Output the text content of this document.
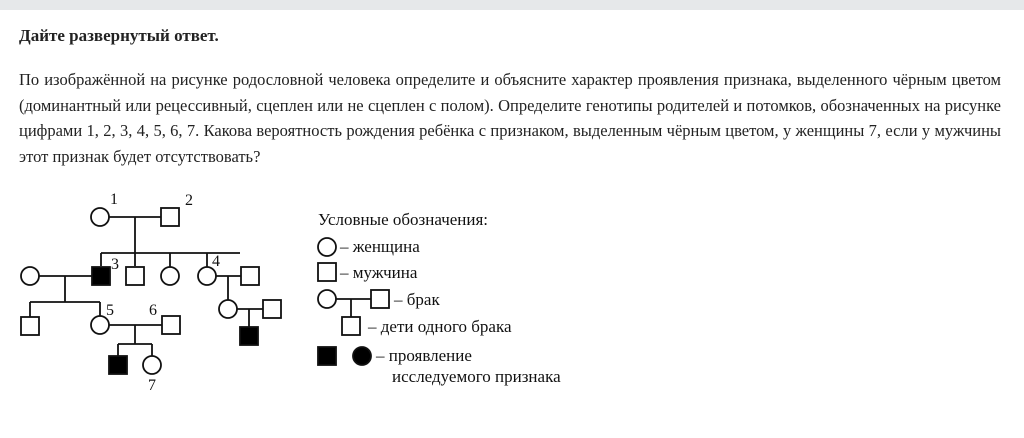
Дайте развернутый ответ.
По изображённой на рисунке родословной человека определите и объясните характер проявления признака, выделенного чёрным цветом (доминантный или рецессивный, сцеплен или не сцеплен с полом). Определите генотипы родителей и потомков, обозначенных на рисунке цифрами 1, 2, 3, 4, 5, 6, 7. Какова вероятность рождения ребёнка с признаком, выделенным чёрным цветом, у женщины 7, если у мужчины этот признак будет отсутствовать?
1	2
3	4
5 6
7
Условные обозначения:
– женщина
– мужчина
– брак
– дети одного брака
– проявление
исследуемого признака
